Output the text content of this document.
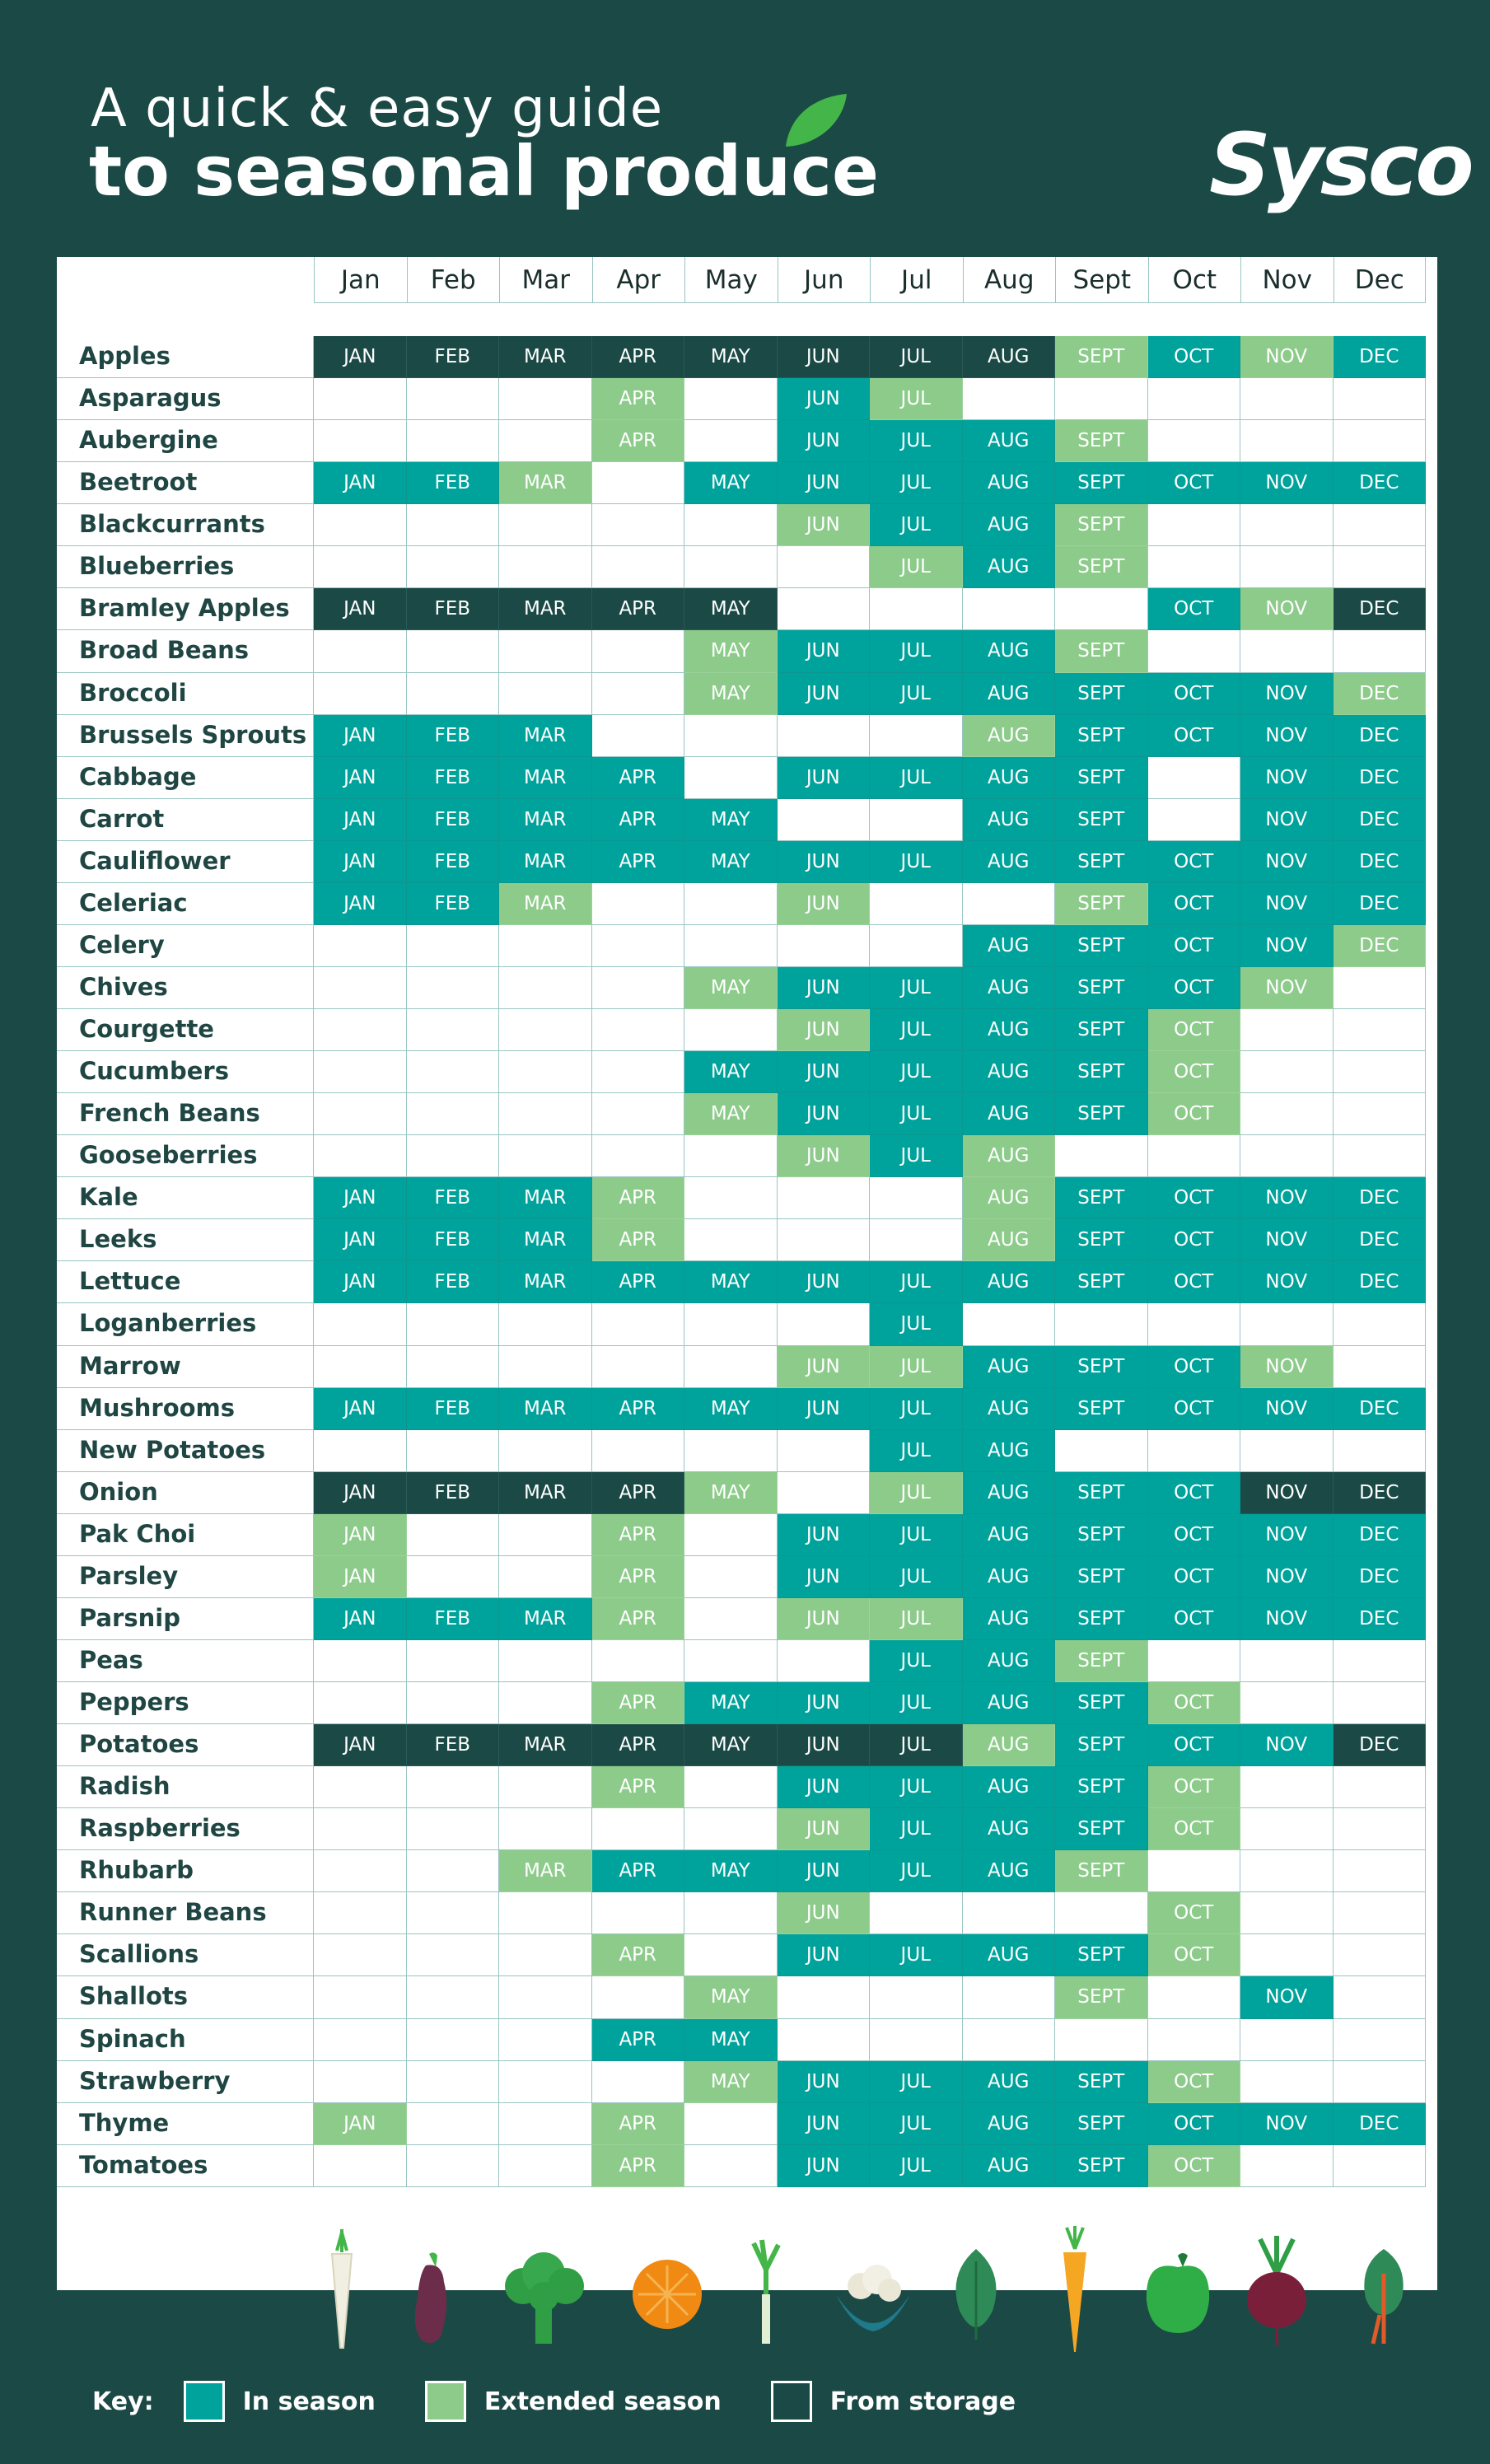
A quick & easy guide
to seasonal produce	Sysco
Jan	Feb	Mar	Apr	May	Jun	Jul	Aug	Sept	Oct	Nov	Dec
Apples	JAN	FEB	MAR	APR	MAY	JUN	JUL	AUG	SEPT	OCT	NOV	DEC
Asparagus	APR	JUN	JUL
Aubergine	APR	JUN	JUL	AUG	SEPT
Beetroot	JAN	FEB	MAR	MAY	JUN	JUL	AUG	SEPT	OCT	NOV	DEC
Blackcurrants	JUN	JUL	AUG	SEPT
Blueberries	JUL	AUG	SEPT
Bramley Apples	JAN	FEB	MAR	APR	MAY	OCT	NOV	DEC
Broad Beans	MAY	JUN	JUL	AUG	SEPT
Broccoli	MAY	JUN	JUL	AUG	SEPT	OCT	NOV	DEC
Brussels Sprouts	JAN	FEB	MAR	AUG	SEPT	OCT	NOV	DEC
Cabbage	JAN	FEB	MAR	APR	JUN	JUL	AUG	SEPT	NOV	DEC
Carrot	JAN	FEB	MAR	APR	MAY	AUG	SEPT	NOV	DEC
Cauliflower	JAN	FEB	MAR	APR	MAY	JUN	JUL	AUG	SEPT	OCT	NOV	DEC
Celeriac	JAN	FEB	MAR	JUN	SEPT	OCT	NOV	DEC
Celery	AUG	SEPT	OCT	NOV	DEC
Chives	MAY	JUN	JUL	AUG	SEPT	OCT	NOV
Courgette	JUN	JUL	AUG	SEPT	OCT
Cucumbers	MAY	JUN	JUL	AUG	SEPT	OCT
French Beans	MAY	JUN	JUL	AUG	SEPT	OCT
Gooseberries	JUN	JUL	AUG
Kale	JAN	FEB	MAR	APR	AUG	SEPT	OCT	NOV	DEC
Leeks	JAN	FEB	MAR	APR	AUG	SEPT	OCT	NOV	DEC
Lettuce	JAN	FEB	MAR	APR	MAY	JUN	JUL	AUG	SEPT	OCT	NOV	DEC
Loganberries	JUL
Marrow	JUN	JUL	AUG	SEPT	OCT	NOV
Mushrooms	JAN	FEB	MAR	APR	MAY	JUN	JUL	AUG	SEPT	OCT	NOV	DEC
New Potatoes	JUL	AUG
Onion	JAN	FEB	MAR	APR	MAY	JUL	AUG	SEPT	OCT	NOV	DEC
Pak Choi	JAN	APR	JUN	JUL	AUG	SEPT	OCT	NOV	DEC
Parsley	JAN	APR	JUN	JUL	AUG	SEPT	OCT	NOV	DEC
Parsnip	JAN	FEB	MAR	APR	JUN	JUL	AUG	SEPT	OCT	NOV	DEC
Peas	JUL	AUG	SEPT
Peppers	APR	MAY	JUN	JUL	AUG	SEPT	OCT
Potatoes	JAN	FEB	MAR	APR	MAY	JUN	JUL	AUG	SEPT	OCT	NOV	DEC
Radish	APR	JUN	JUL	AUG	SEPT	OCT
Raspberries	JUN	JUL	AUG	SEPT	OCT
Rhubarb	MAR	APR	MAY	JUN	JUL	AUG	SEPT
Runner Beans	JUN	OCT
Scallions	APR	JUN	JUL	AUG	SEPT	OCT
Shallots	MAY	SEPT	NOV
Spinach	APR	MAY
Strawberry	MAY	JUN	JUL	AUG	SEPT	OCT
Thyme	JAN	APR	JUN	JUL	AUG	SEPT	OCT	NOV	DEC
Tomatoes	APR	JUN	JUL	AUG	SEPT	OCT
Key:	In season	Extended season	From storage
